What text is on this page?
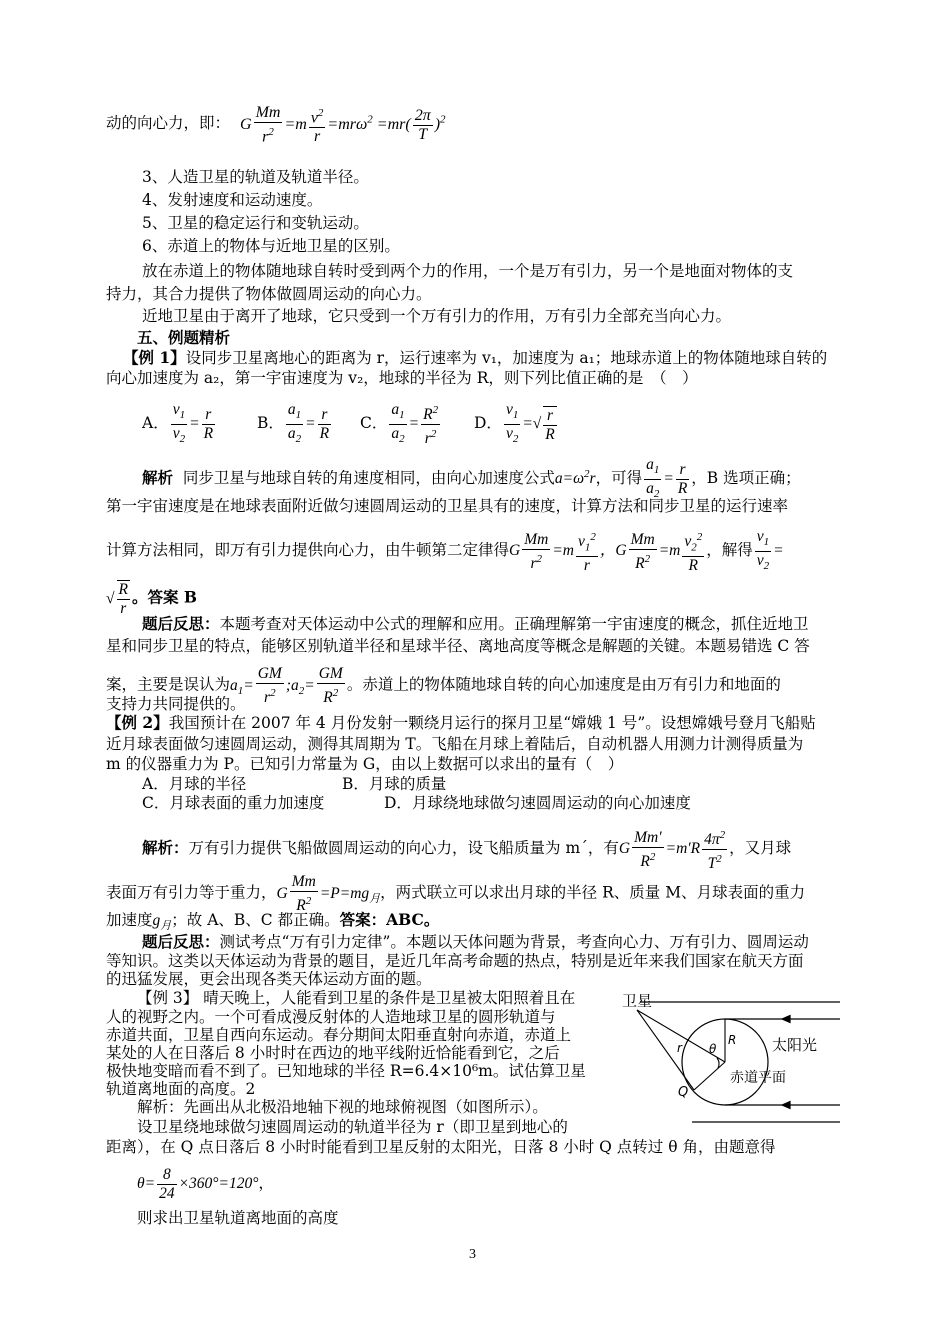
动的向心力，即： G $\frac{Mm}{r^2} =m \frac{v^2}{r} =mr\omega^2 =mr( \frac{2\pi}{T} )^2$
3、人造卫星的轨道及轨道半径。
4、发射速度和运动速度。
5、卫星的稳定运行和变轨运动。
6、赤道上的物体与近地卫星的区别。
放在赤道上的物体随地球自转时受到两个力的作用，一个是万有引力，另一个是地面对物体的支
持力，其合力提供了物体做圆周运动的向心力。
近地卫星由于离开了地球，它只受到一个万有引力的作用，万有引力全部充当向心力。
五、例题精析
【例 1】设同步卫星离地心的距离为 r，运行速率为 v₁，加速度为 a₁；地球赤道上的物体随地球自转的
向心加速度为 a₂，第一宇宙速度为 v₂，地球的半径为 R，则下列比值正确的是　（　）
A． $\frac{v_1}{v_2} = \frac{r}{R}$	B． $\frac{a_1}{a_2} = \frac{r}{R}$ C． $\frac{a_1}{a_2} = \frac{R^2}{r^2}$ D． $\frac{v_1}{v_2}$ =√ $\frac{r}{R}$
解析 同步卫星与地球自转的角速度相同，由向心加速度公式$a=\omega^2r$，可得 $\frac{a_1}{a_2} = \frac{r}{R}$ ，B 选项正确；
第一宇宙速度是在地球表面附近做匀速圆周运动的卫星具有的速度，计算方法和同步卫星的运行速率
计算方法相同，即万有引力提供向心力，由牛顿第二定律得G $\frac{Mm}{r^2} =m \frac{v_1^2}{r}$ ，G $\frac{Mm}{R^2} =m \frac{v_2^2}{R}$ ，解得 $\frac{v_1}{v_2}$ =
√ $\frac{R}{r}$ 。答案 B
题后反思：本题考查对天体运动中公式的理解和应用。正确理解第一宇宙速度的概念，抓住近地卫
星和同步卫星的特点，能够区别轨道半径和星球半径、离地高度等概念是解题的关键。本题易错选 C 答
案，主要是误认为$a_1= \frac{GM}{r^2}$ $;a_2= \frac{GM}{R^2}$ 。赤道上的物体随地球自转的向心加速度是由万有引力和地面的
支持力共同提供的。
【例 2】我国预计在 2007 年 4 月份发射一颗绕月运行的探月卫星“嫦娥 1 号”。设想嫦娥号登月飞船贴
近月球表面做匀速圆周运动，测得其周期为 T。飞船在月球上着陆后，自动机器人用测力计测得质量为
m 的仪器重力为 P。已知引力常量为 G，由以上数据可以求出的量有（　）
A．月球的半径	B．月球的质量
C．月球表面的重力加速度	D．月球绕地球做匀速圆周运动的向心加速度
解析：万有引力提供飞船做圆周运动的向心力，设飞船质量为 m´，有G $\frac{Mm'}{R^2} =m'R \frac{4\pi^2}{T^2}$ ，又月球
表面万有引力等于重力，G $\frac{Mm}{R^2} =P=mg_月$，两式联立可以求出月球的半径 R、质量 M、月球表面的重力
加速度$g_月$；故 A、B、C 都正确。答案：ABC。
题后反思：测试考点“万有引力定律”。本题以天体问题为背景，考查向心力、万有引力、圆周运动
等知识。这类以天体运动为背景的题目，是近几年高考命题的热点，特别是近年来我们国家在航天方面
的迅猛发展，更会出现各类天体运动方面的题。
【例 3】 晴天晚上，人能看到卫星的条件是卫星被太阳照着且在
人的视野之内。一个可看成漫反射体的人造地球卫星的圆形轨道与
赤道共面，卫星自西向东运动。春分期间太阳垂直射向赤道，赤道上
某处的人在日落后 8 小时时在西边的地平线附近恰能看到它，之后
极快地变暗而看不到了。已知地球的半径 R=6.4×10⁶m。试估算卫星
轨道离地面的高度。2
解析：先画出从北极沿地轴下视的地球俯视图（如图所示）。
设卫星绕地球做匀速圆周运动的轨道半径为 r（即卫星到地心的
距离），在 Q 点日落后 8 小时时能看到卫星反射的太阳光，日落 8 小时 Q 点转过 θ 角，由题意得
$\theta= \frac{8}{24} \times 360^\circ=120^\circ$，
则求出卫星轨道离地面的高度
卫星
太阳光
赤道平面
r θ
R
Q
3
